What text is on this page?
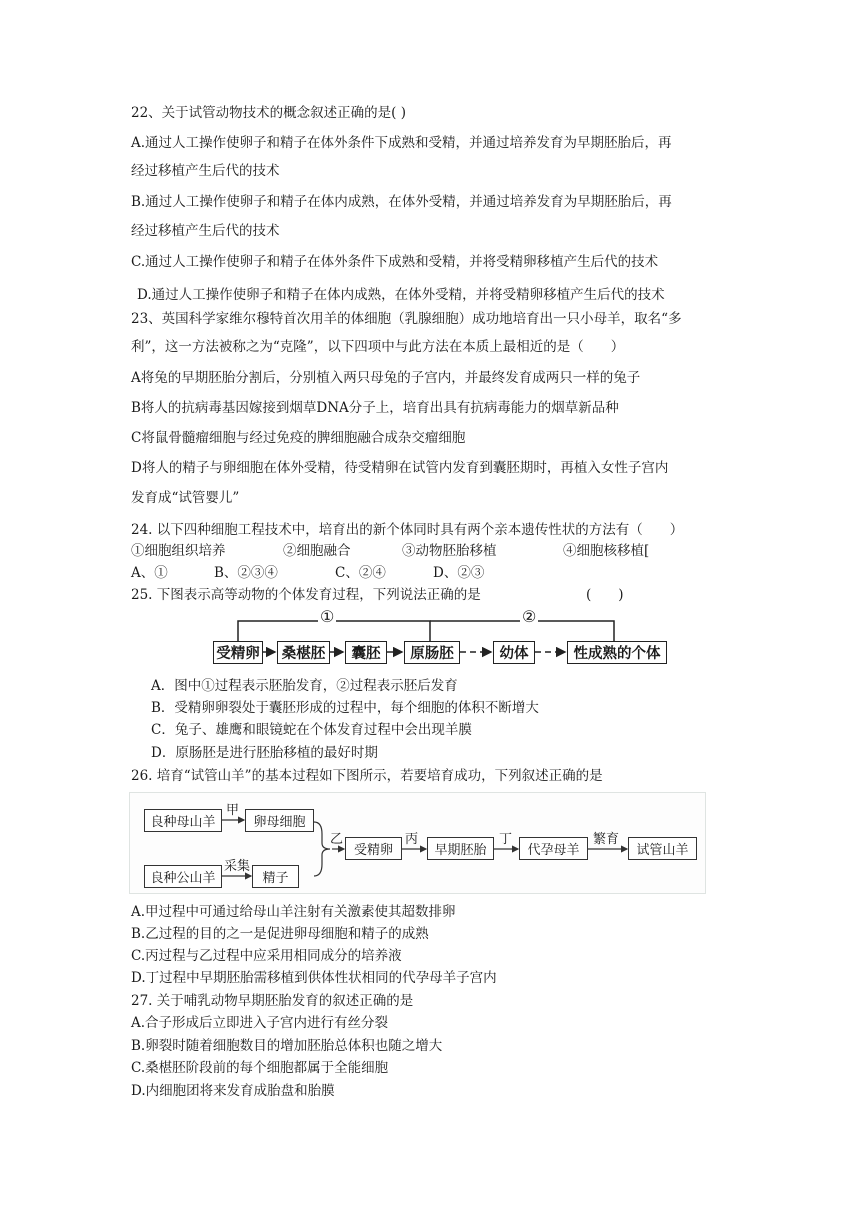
22、关于试管动物技术的概念叙述正确的是( )
A.通过人工操作使卵子和精子在体外条件下成熟和受精，并通过培养发育为早期胚胎后，再
经过移植产生后代的技术
B.通过人工操作使卵子和精子在体内成熟，在体外受精，并通过培养发育为早期胚胎后，再
经过移植产生后代的技术
C.通过人工操作使卵子和精子在体外条件下成熟和受精，并将受精卵移植产生后代的技术
D.通过人工操作使卵子和精子在体内成熟，在体外受精，并将受精卵移植产生后代的技术
23、英国科学家维尔穆特首次用羊的体细胞（乳腺细胞）成功地培育出一只小母羊，取名“多
利”，这一方法被称之为“克隆”，以下四项中与此方法在本质上最相近的是（　　）
A将兔的早期胚胎分割后，分别植入两只母兔的子宫内，并最终发育成两只一样的兔子
B将人的抗病毒基因嫁接到烟草DNA分子上，培育出具有抗病毒能力的烟草新品种
C将鼠骨髓瘤细胞与经过免疫的脾细胞融合成杂交瘤细胞
D将人的精子与卵细胞在体外受精，待受精卵在试管内发育到囊胚期时，再植入女性子宫内
发育成“试管婴儿”
24. 以下四种细胞工程技术中，培育出的新个体同时具有两个亲本遗传性状的方法有（　　）
①细胞组织培养	②细胞融合	③动物胚胎移植	④细胞核移植[
A、①	B、②③④	C、②④	D、②③
25. 下图表示高等动物的个体发育过程，下列说法正确的是	(　　)
①	②
受精卵	桑椹胚	囊胚	原肠胚	幼体	性成熟的个体
A．图中①过程表示胚胎发育，②过程表示胚后发育
B．受精卵卵裂处于囊胚形成的过程中，每个细胞的体积不断增大
C．兔子、雄鹰和眼镜蛇在个体发育过程中会出现羊膜
D．原肠胚是进行胚胎移植的最好时期
26. 培育“试管山羊”的基本过程如下图所示，若要培育成功，下列叙述正确的是
良种母山羊	卵母细胞
良种公山羊	精子
受精卵	早期胚胎	代孕母羊	试管山羊
甲
采集
乙	丙	丁	繁育
A.甲过程中可通过给母山羊注射有关激素使其超数排卵
B.乙过程的目的之一是促进卵母细胞和精子的成熟
C.丙过程与乙过程中应采用相同成分的培养液
D.丁过程中早期胚胎需移植到供体性状相同的代孕母羊子宫内
27. 关于哺乳动物早期胚胎发育的叙述正确的是
A.合子形成后立即进入子宫内进行有丝分裂
B.卵裂时随着细胞数目的增加胚胎总体积也随之增大
C.桑椹胚阶段前的每个细胞都属于全能细胞
D.内细胞团将来发育成胎盘和胎膜
